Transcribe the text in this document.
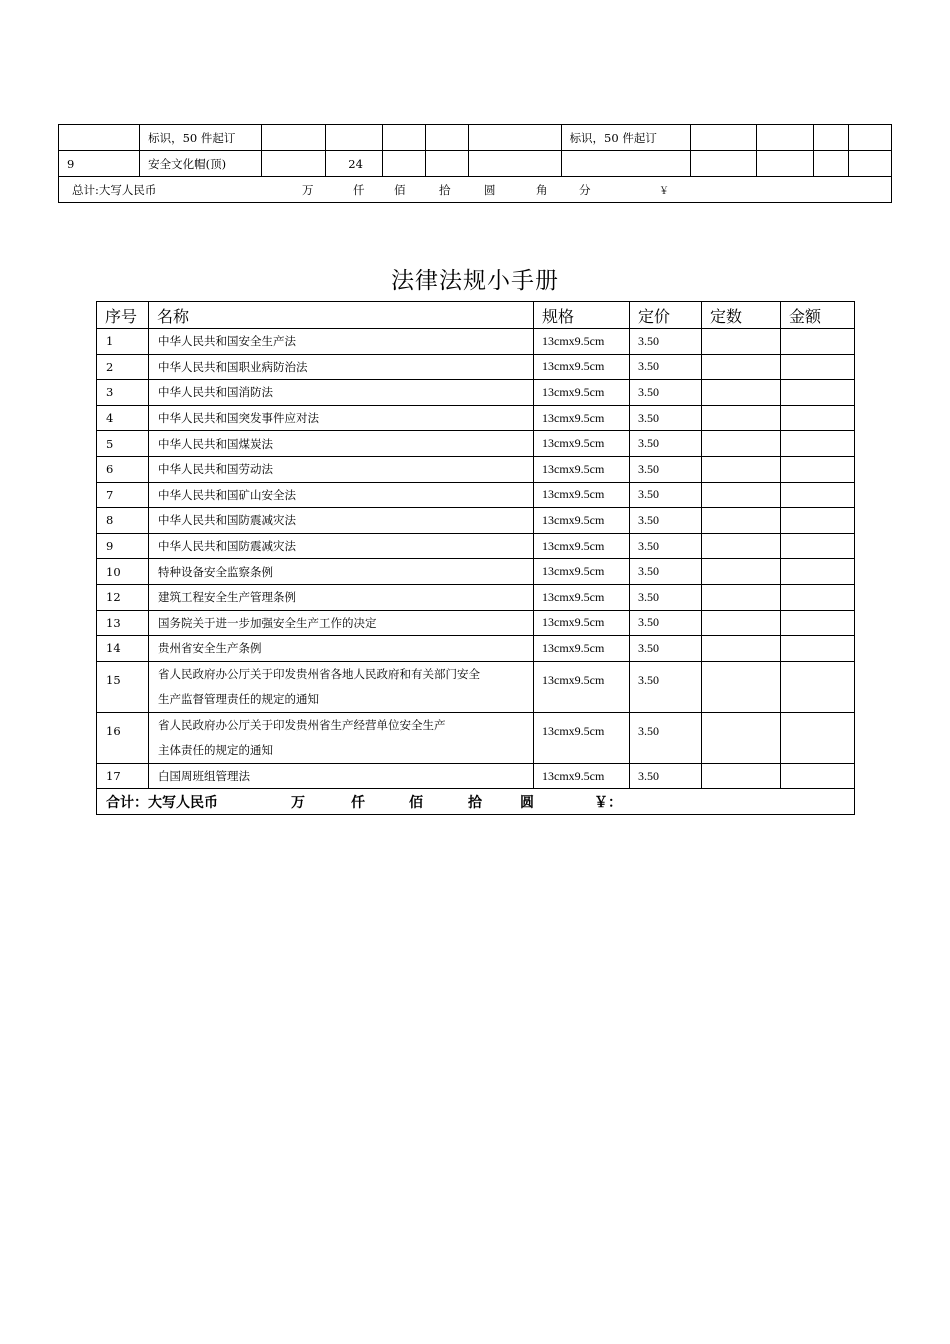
	标识，50 件起订						标识，50 件起订				
9	安全文化帽(顶)		24								
总计:大写人民币 万 仟 佰 拾 圆 角 分 ￥											
法律法规小手册
序号	名称	规格	定价	定数	金额
1	中华人民共和国安全生产法	13cmx9.5cm	3.50		
2	中华人民共和国职业病防治法	13cmx9.5cm	3.50		
3	中华人民共和国消防法	13cmx9.5cm	3.50		
4	中华人民共和国突发事件应对法	13cmx9.5cm	3.50		
5	中华人民共和国煤炭法	13cmx9.5cm	3.50		
6	中华人民共和国劳动法	13cmx9.5cm	3.50		
7	中华人民共和国矿山安全法	13cmx9.5cm	3.50		
8	中华人民共和国防震减灾法	13cmx9.5cm	3.50		
9	中华人民共和国防震减灾法	13cmx9.5cm	3.50		
10	特种设备安全监察条例	13cmx9.5cm	3.50		
12	建筑工程安全生产管理条例	13cmx9.5cm	3.50		
13	国务院关于进一步加强安全生产工作的决定	13cmx9.5cm	3.50		
14	贵州省安全生产条例	13cmx9.5cm	3.50		
15	省人民政府办公厅关于印发贵州省各地人民政府和有关部门安全
生产监督管理责任的规定的通知	13cmx9.5cm	3.50		
16	省人民政府办公厅关于印发贵州省生产经营单位安全生产
主体责任的规定的通知	13cmx9.5cm	3.50		
17	白国周班组管理法	13cmx9.5cm	3.50		
合计：大写人民币 万 仟 佰 拾 圆 ￥：					
